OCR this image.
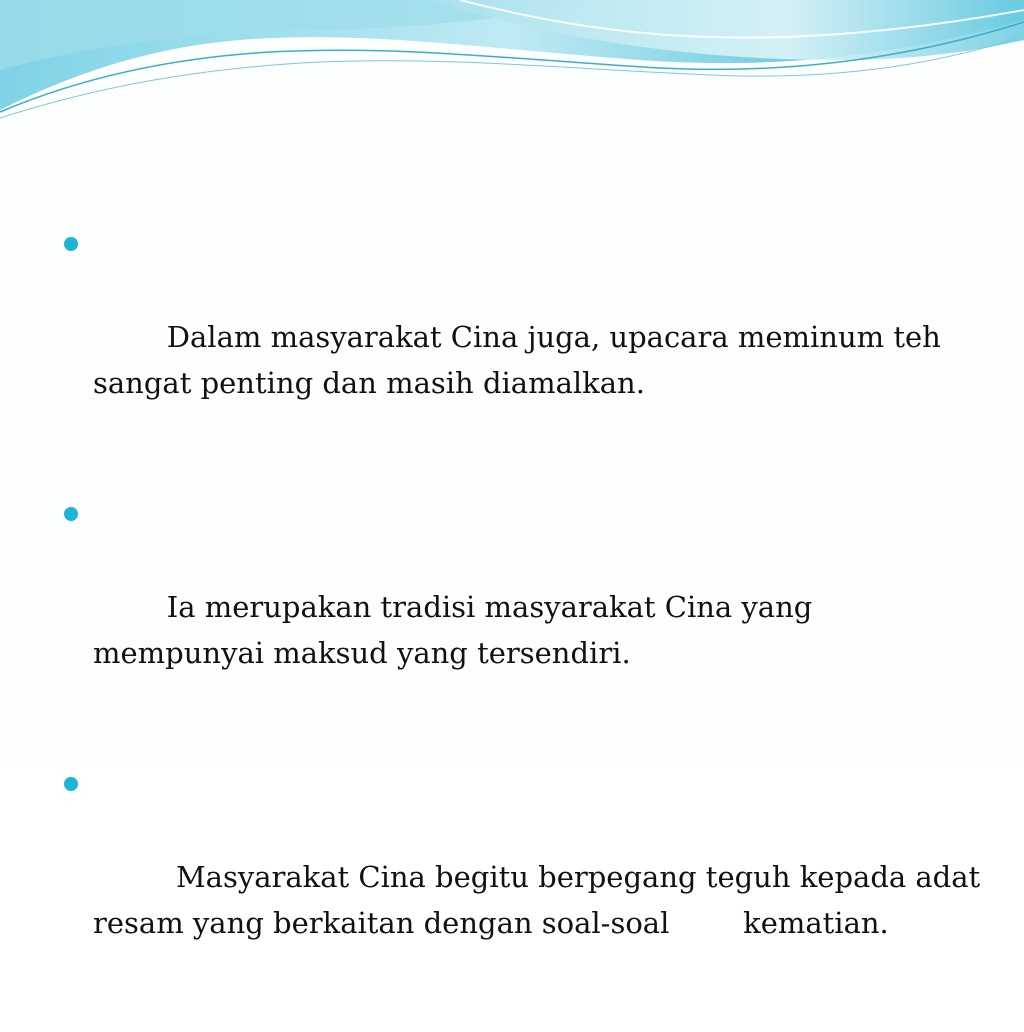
Dalam masyarakat Cina juga, upacara meminum teh sangat penting dan masih diamalkan.

Ia merupakan tradisi masyarakat Cina yang mempunyai maksud yang tersendiri.

Masyarakat Cina begitu berpegang teguh kepada adat resam yang berkaitan dengan soal-soal        kematian.
